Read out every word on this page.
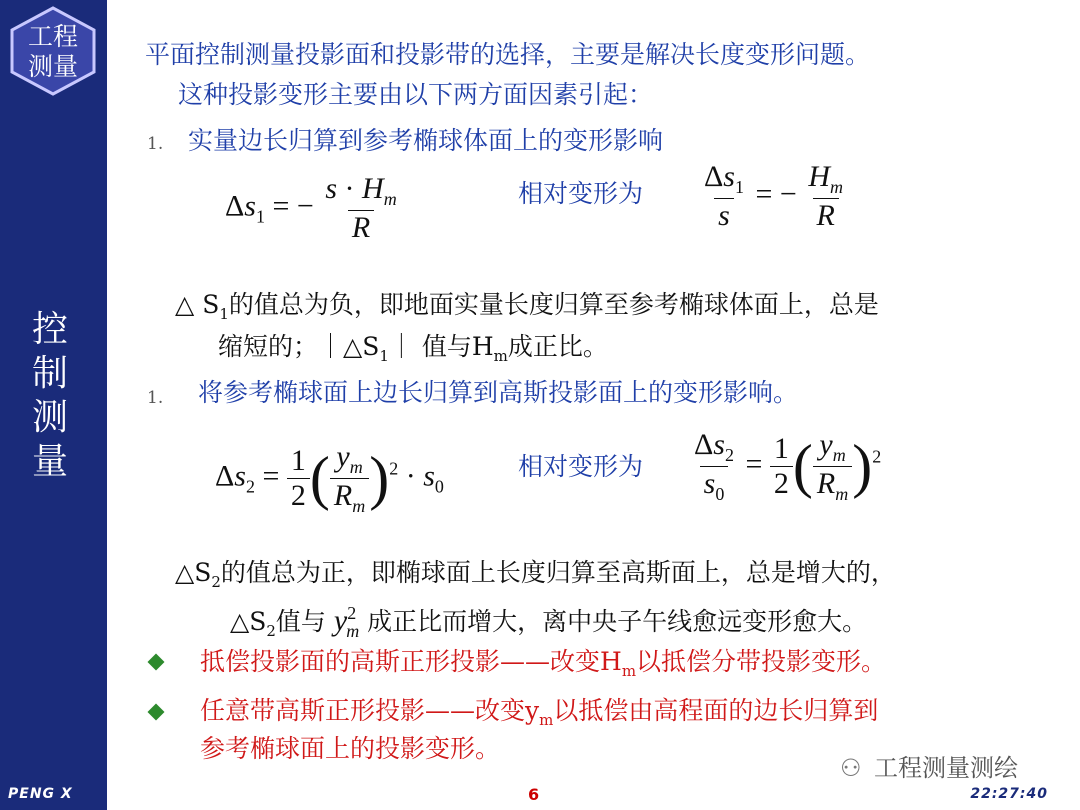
工程
测量
控
制
测
量
PENG X	6	22:27:40
平面控制测量投影面和投影带的选择，主要是解决长度变形问题。
这种投影变形主要由以下两方面因素引起：
1. 实量边长归算到参考椭球体面上的变形影响
$\Delta s_1$ = − $\frac{s \cdot H_m}{R}$	相对变形为 $\frac{\Delta s_1}{s}$ = − $\frac{H_m}{R}$
△ $S_1$的值总为负，即地面实量长度归算至参考椭球体面上，总是
缩短的；$|\triangle S_1|$ 值与$H_m$成正比。
1. 将参考椭球面上边长归算到高斯投影面上的变形影响。
$\Delta s_2 = \frac{1}{2}$ ( $\frac{y_m}{R_m} )^2 \cdot s_0$
相对变形为 $\frac{\Delta s_2}{s_0} = \frac{1}{2}$ ( $\frac{y_m}{R_m} )^2$
$\triangle S_2$的值总为正，即椭球面上长度归算至高斯面上，总是增大的，
$\triangle S_2$值与 $y^2_m$ 成正比而增大，离中央子午线愈远变形愈大。
抵偿投影面的高斯正形投影——改变$H_m$以抵偿分带投影变形。
任意带高斯正形投影——改变$y_m$以抵偿由高程面的边长归算到
参考椭球面上的投影变形。
⚇ 工程测量测绘
